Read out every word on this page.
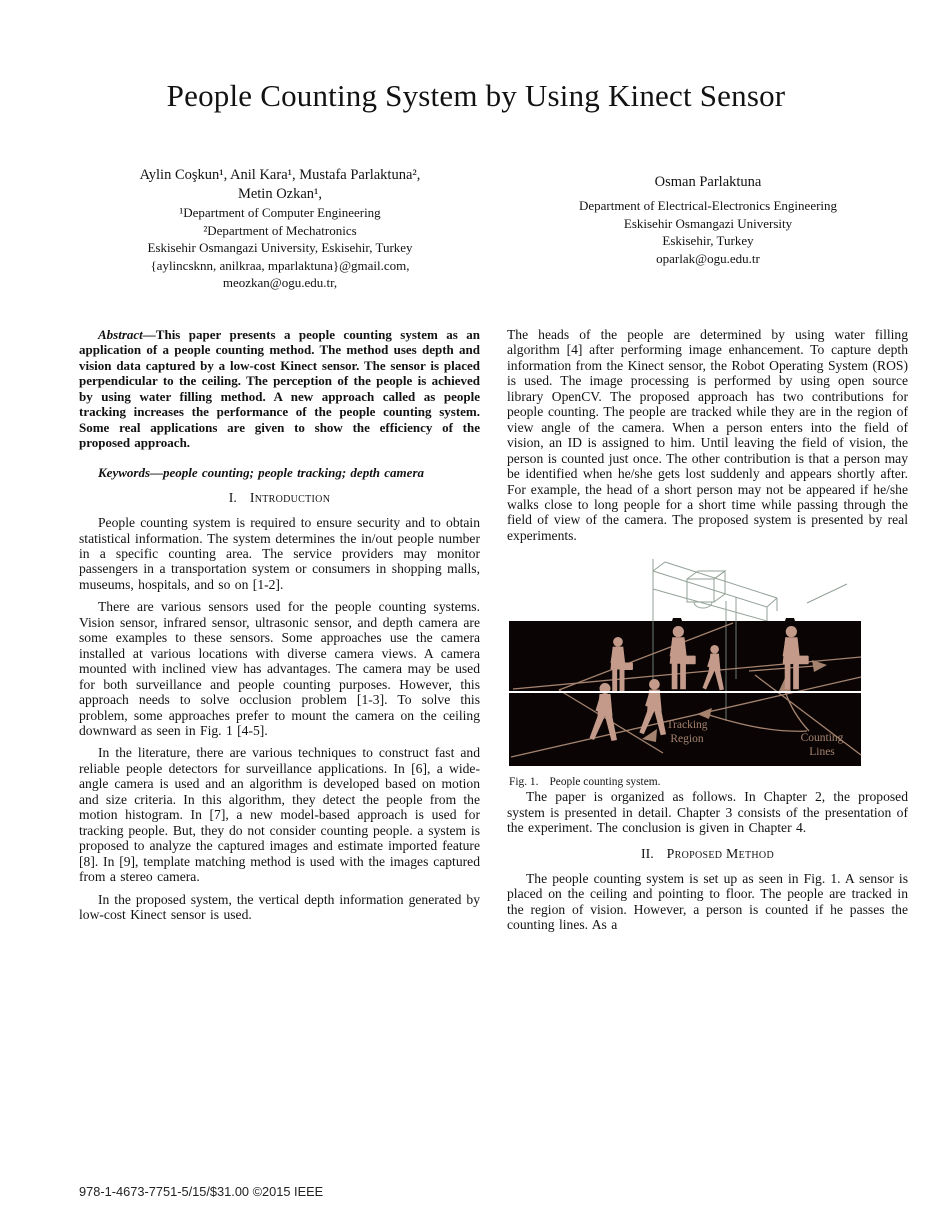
People Counting System by Using Kinect Sensor
Aylin Coşkun¹, Anil Kara¹, Mustafa Parlaktuna²,
Metin Ozkan¹,
¹Department of Computer Engineering
²Department of Mechatronics
Eskisehir Osmangazi University, Eskisehir, Turkey
{aylincsknn, anilkraa, mparlaktuna}@gmail.com,
meozkan@ogu.edu.tr,
Osman Parlaktuna
Department of Electrical-Electronics Engineering
Eskisehir Osmangazi University
Eskisehir, Turkey
oparlak@ogu.edu.tr

Abstract—This paper presents a people counting system as an application of a people counting method. The method uses depth and vision data captured by a low-cost Kinect sensor. The sensor is placed perpendicular to the ceiling. The perception of the people is achieved by using water filling method. A new approach called as people tracking increases the performance of the people counting system. Some real applications are given to show the efficiency of the proposed approach.

Keywords—people counting; people tracking; depth camera

I. Introduction

People counting system is required to ensure security and to obtain statistical information. The system determines the in/out people number in a specific counting area. The service providers may monitor passengers in a transportation system or consumers in shopping malls, museums, hospitals, and so on [1-2].

There are various sensors used for the people counting systems. Vision sensor, infrared sensor, ultrasonic sensor, and depth camera are some examples to these sensors. Some approaches use the camera installed at various locations with diverse camera views. A camera mounted with inclined view has advantages. The camera may be used for both surveillance and people counting purposes. However, this approach needs to solve occlusion problem [1-3]. To solve this problem, some approaches prefer to mount the camera on the ceiling downward as seen in Fig. 1 [4-5].

In the literature, there are various techniques to construct fast and reliable people detectors for surveillance applications. In [6], a wide-angle camera is used and an algorithm is developed based on motion and size criteria. In this algorithm, they detect the people from the motion histogram. In [7], a new model-based approach is used for tracking people. But, they do not consider counting people. a system is proposed to analyze the captured images and estimate imported feature [8]. In [9], template matching method is used with the images captured from a stereo camera.

In the proposed system, the vertical depth information generated by low-cost Kinect sensor is used.

The heads of the people are determined by using water filling algorithm [4] after performing image enhancement. To capture depth information from the Kinect sensor, the Robot Operating System (ROS) is used. The image processing is performed by using open source library OpenCV. The proposed approach has two contributions for people counting. The people are tracked while they are in the region of view angle of the camera. When a person enters into the field of vision, an ID is assigned to him. Until leaving the field of vision, the person is counted just once. The other contribution is that a person may be identified when he/she gets lost suddenly and appears shortly after. For example, the head of a short person may not be appeared if he/she walks close to long people for a short time while passing through the field of view of the camera. The proposed system is presented by real experiments.

Tracking
Region	Counting
Lines

Fig. 1. People counting system.

The paper is organized as follows. In Chapter 2, the proposed system is presented in detail. Chapter 3 consists of the presentation of the experiment. The conclusion is given in Chapter 4.

II. Proposed Method

The people counting system is set up as seen in Fig. 1. A sensor is placed on the ceiling and pointing to floor. The people are tracked in the region of vision. However, a person is counted if he passes the counting lines. As a

978-1-4673-7751-5/15/$31.00 ©2015 IEEE
